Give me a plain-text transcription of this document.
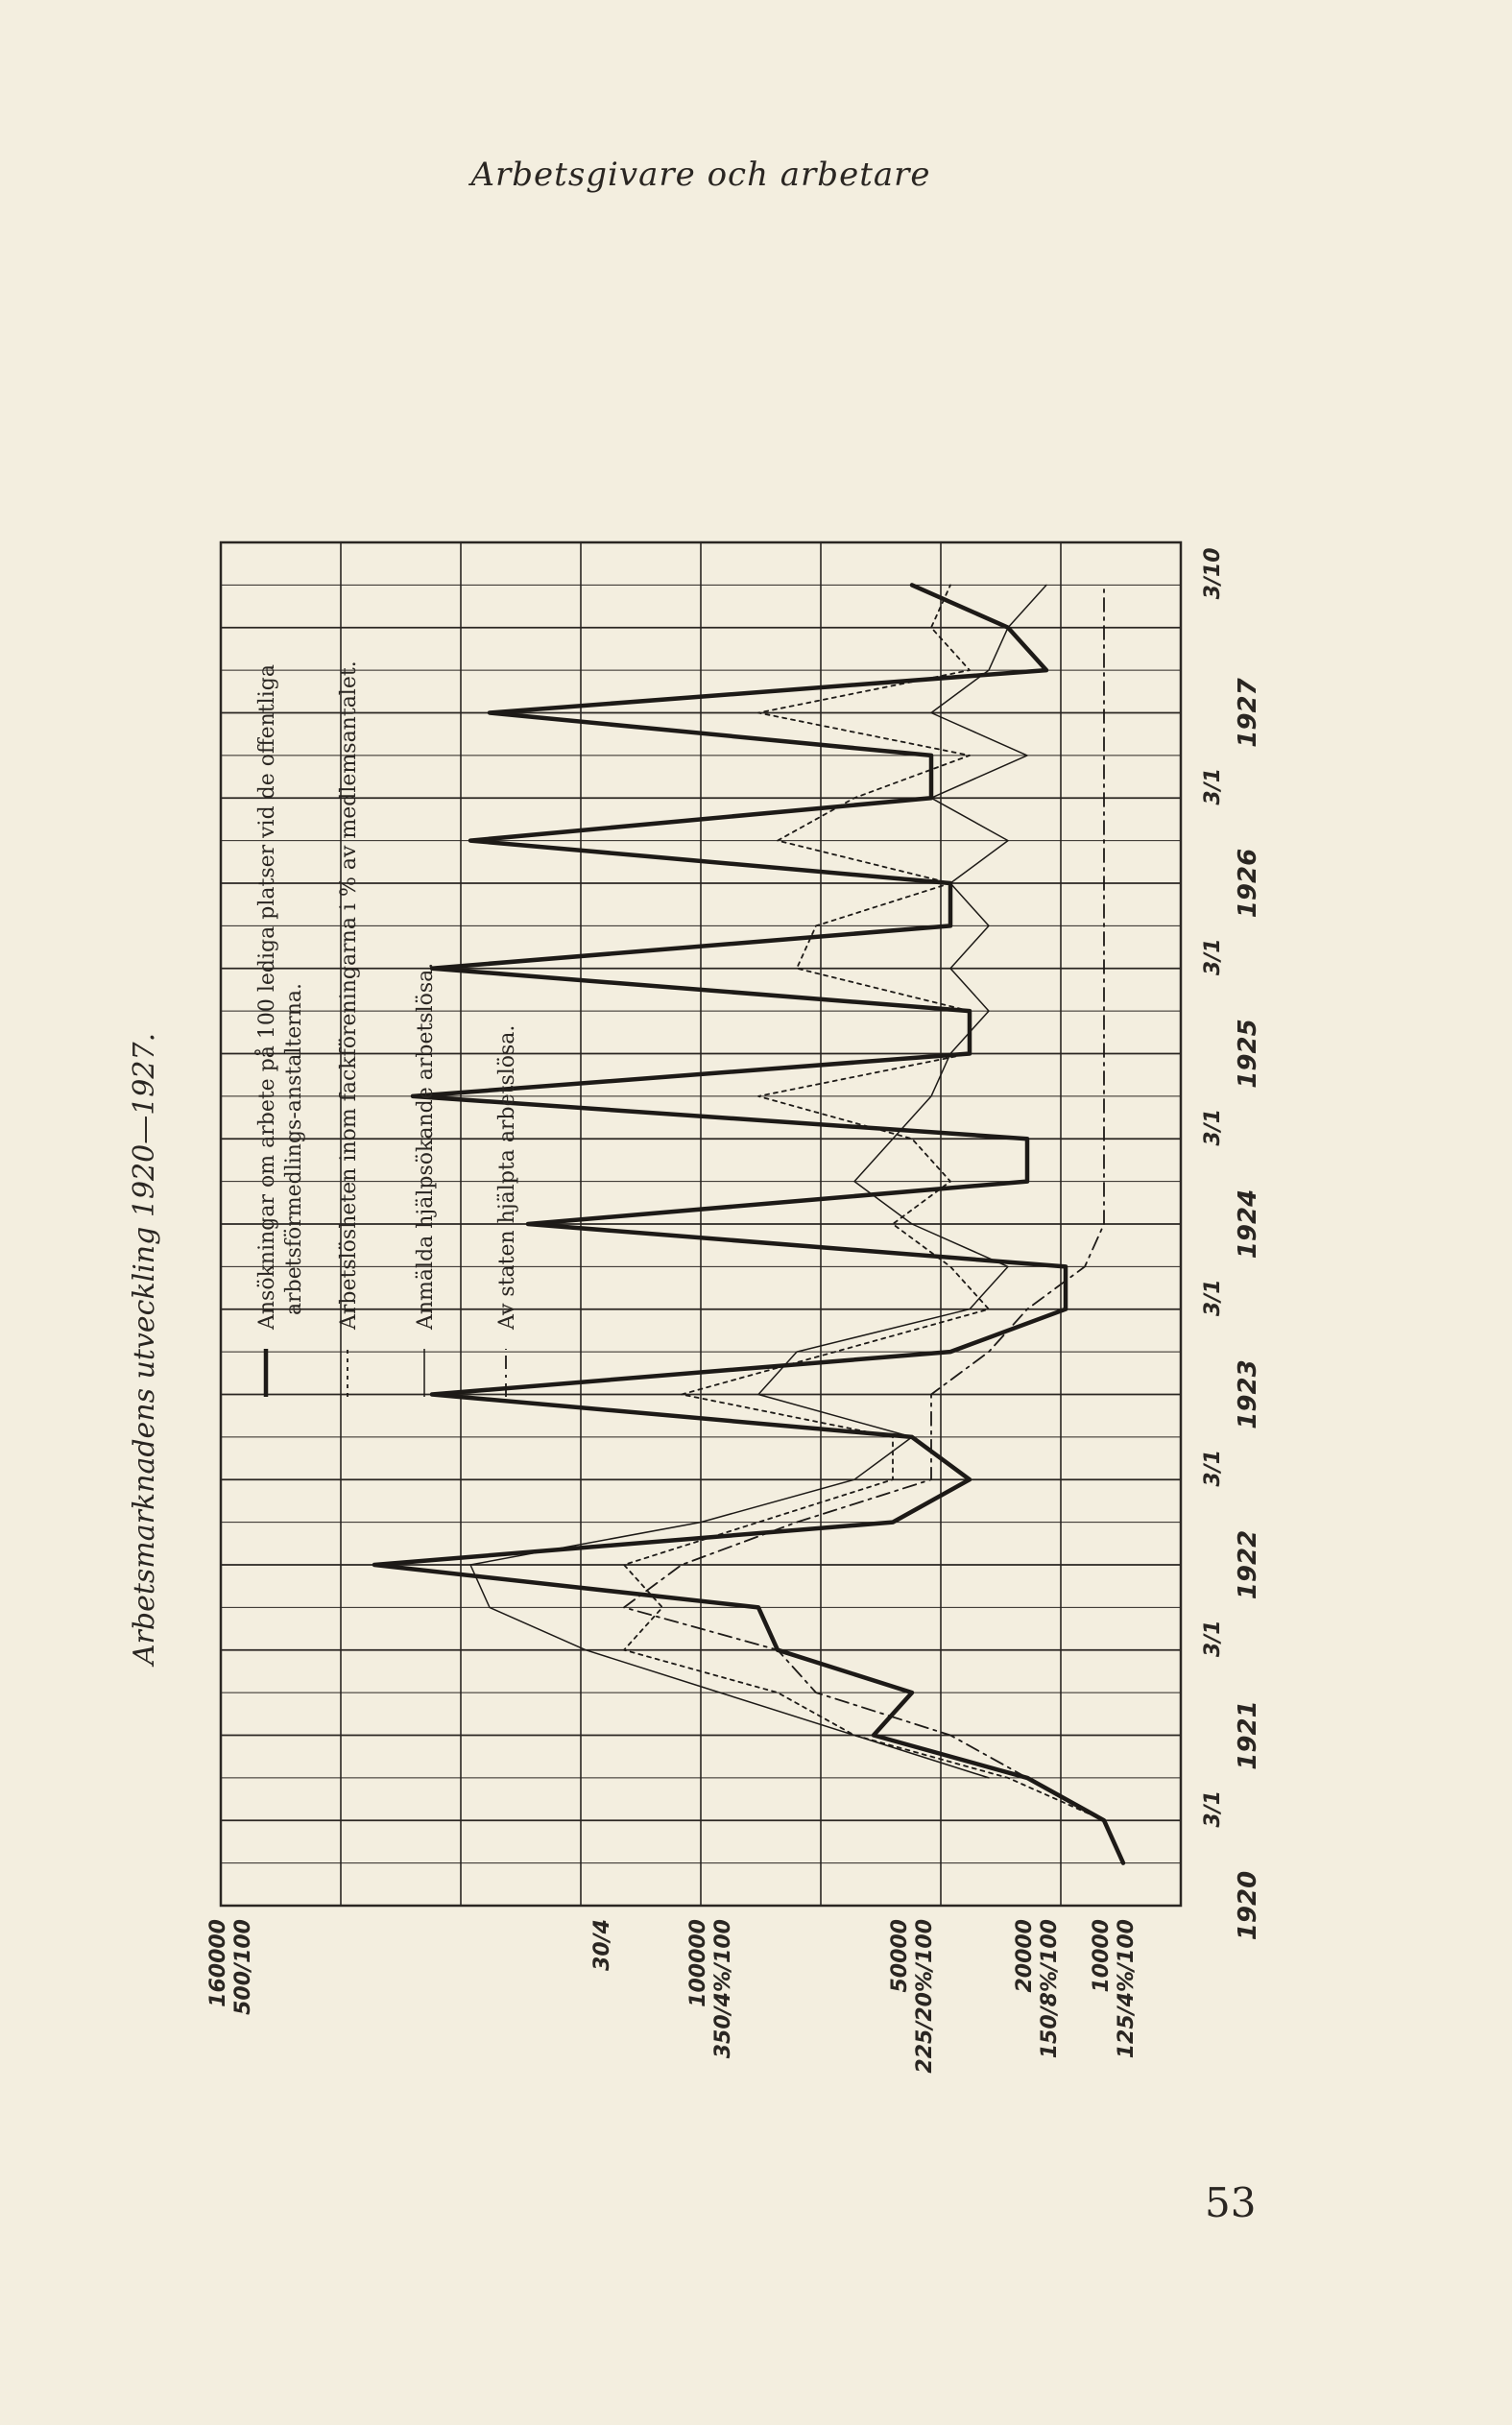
Arbetsgivare och arbetare
1920
3/1
1921
3/1
1922
3/1
1923
3/1
1924
3/1
1925
3/1
1926
3/1
1927
3/10
30/4
160000 500/100	100000 350/4%/100	50000 225/20%/100	20000 150/8%/100 10000 125/4%/100
Arbetsmarknadens utveckling 1920—1927.
Ansökningar om arbete på 100 lediga platser vid de offentliga arbetsförmedlings-anstalterna. Arbetslösheten inom fackföreningarna i % av medlemsantalet.	Anmälda hjälpsökande arbetslösa.	Av staten hjälpta arbetslösa.
53
